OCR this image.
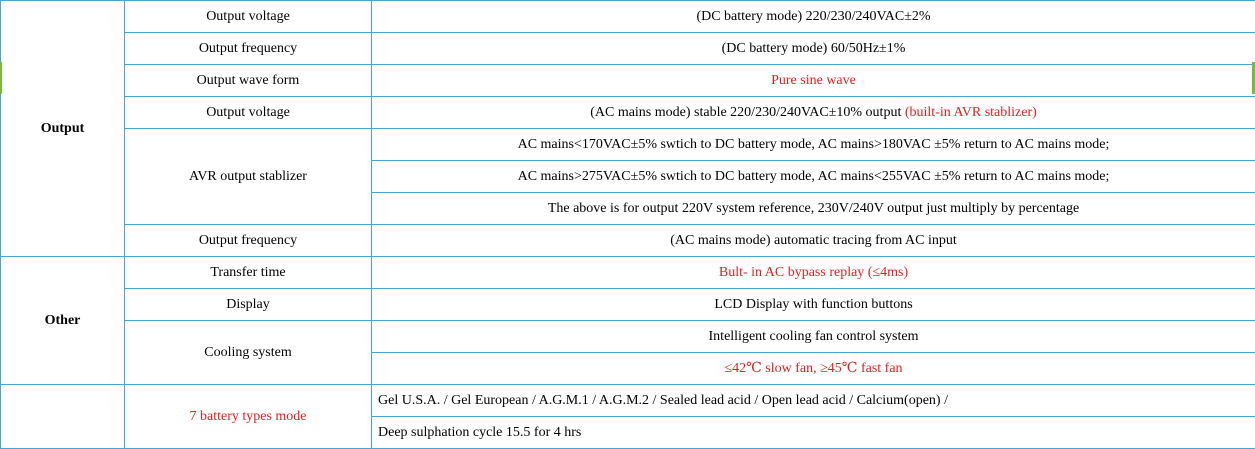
Output	Output voltage	(DC battery mode) 220/230/240VAC±2%
	Output frequency	(DC battery mode) 60/50Hz±1%
	Output wave form	Pure sine wave
	Output voltage	(AC mains mode) stable 220/230/240VAC±10% output (built-in AVR stablizer)
	AVR output stablizer	AC mains<170VAC±5% swtich to DC battery mode, AC mains>180VAC ±5% return to AC mains mode;
		AC mains>275VAC±5% swtich to DC battery mode, AC mains<255VAC ±5% return to AC mains mode;
		The above is for output 220V system reference, 230V/240V output just multiply by percentage
	Output frequency	(AC mains mode) automatic tracing from AC input
Other	Transfer time	Bult- in AC bypass replay (≤4ms)
	Display	LCD Display with function buttons
	Cooling system	Intelligent cooling fan control system
		≤42℃ slow fan, ≥45℃ fast fan
	7 battery types mode	Gel U.S.A. / Gel European / A.G.M.1 / A.G.M.2 / Sealed lead acid / Open lead acid / Calcium(open) /
		Deep sulphation cycle 15.5 for 4 hrs
